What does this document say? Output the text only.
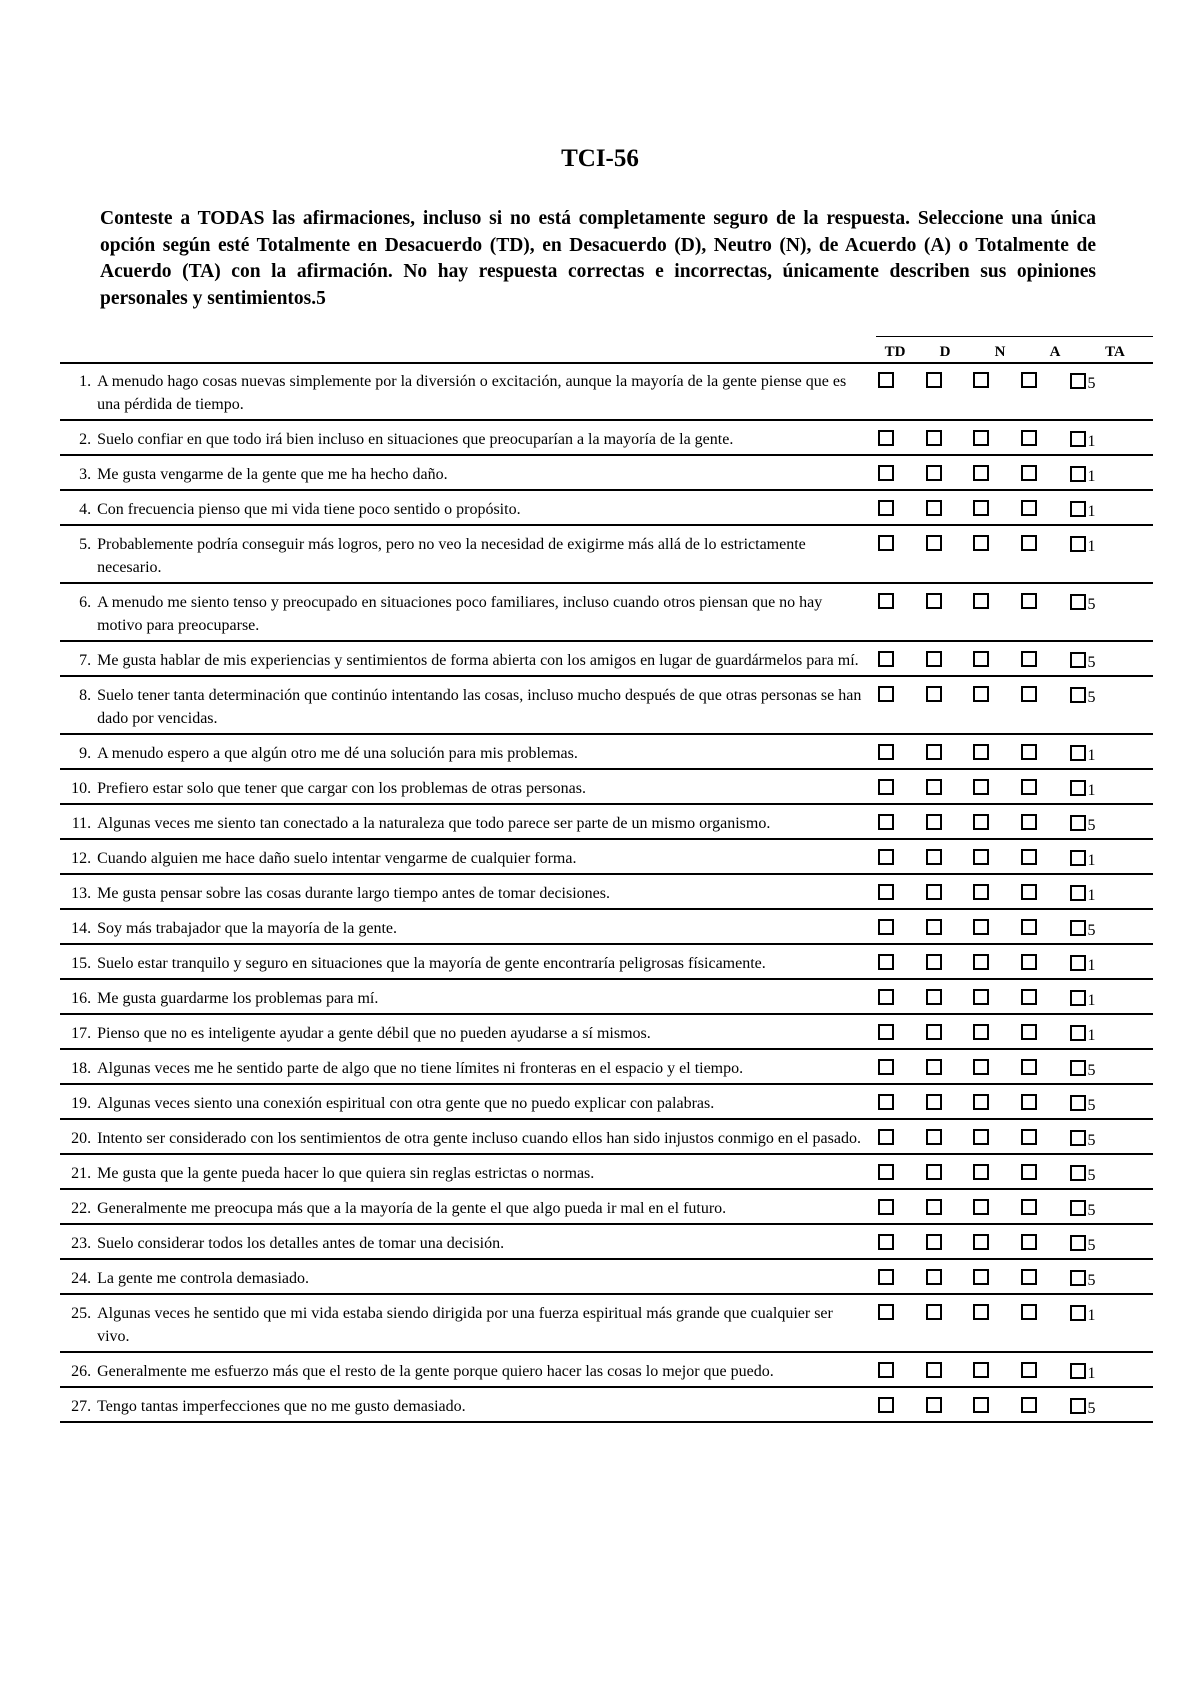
TCI-56
Conteste a TODAS las afirmaciones, incluso si no está completamente seguro de la respuesta. Seleccione una única opción según esté Totalmente en Desacuerdo (TD), en Desacuerdo (D), Neutro (N), de Acuerdo (A) o Totalmente de Acuerdo (TA) con la afirmación. No hay respuesta correctas e incorrectas, únicamente describen sus opiniones personales y sentimientos.5
TD	D	N	A	TA
1.	A menudo hago cosas nuevas simplemente por la diversión o excitación, aunque la mayoría de la gente piense que es una pérdida de tiempo.					5
2.	Suelo confiar en que todo irá bien incluso en situaciones que preocuparían a la mayoría de la gente.					1
3.	Me gusta vengarme de la gente que me ha hecho daño.					1
4.	Con frecuencia pienso que mi vida tiene poco sentido o propósito.					1
5.	Probablemente podría conseguir más logros, pero no veo la necesidad de exigirme más allá de lo estrictamente necesario.					1
6.	A menudo me siento tenso y preocupado en situaciones poco familiares, incluso cuando otros piensan que no hay motivo para preocuparse.					5
7.	Me gusta hablar de mis experiencias y sentimientos de forma abierta con los amigos en lugar de guardármelos para mí.					5
8.	Suelo tener tanta determinación que continúo intentando las cosas, incluso mucho después de que otras personas se han dado por vencidas.					5
9.	A menudo espero a que algún otro me dé una solución para mis problemas.					1
10.	Prefiero estar solo que tener que cargar con los problemas de otras personas.					1
11.	Algunas veces me siento tan conectado a la naturaleza que todo parece ser parte de un mismo organismo.					5
12.	Cuando alguien me hace daño suelo intentar vengarme de cualquier forma.					1
13.	Me gusta pensar sobre las cosas durante largo tiempo antes de tomar decisiones.					1
14.	Soy más trabajador que la mayoría de la gente.					5
15.	Suelo estar tranquilo y seguro en situaciones que la mayoría de gente encontraría peligrosas físicamente.					1
16.	Me gusta guardarme los problemas para mí.					1
17.	Pienso que no es inteligente ayudar a gente débil que no pueden ayudarse a sí mismos.					1
18.	Algunas veces me he sentido parte de algo que no tiene límites ni fronteras en el espacio y el tiempo.					5
19.	Algunas veces siento una conexión espiritual con otra gente que no puedo explicar con palabras.					5
20.	Intento ser considerado con los sentimientos de otra gente incluso cuando ellos han sido injustos conmigo en el pasado.					5
21.	Me gusta que la gente pueda hacer lo que quiera sin reglas estrictas o normas.					5
22.	Generalmente me preocupa más que a la mayoría de la gente el que algo pueda ir mal en el futuro.					5
23.	Suelo considerar todos los detalles antes de tomar una decisión.					5
24.	La gente me controla demasiado.					5
25.	Algunas veces he sentido que mi vida estaba siendo dirigida por una fuerza espiritual más grande que cualquier ser vivo.					1
26.	Generalmente me esfuerzo más que el resto de la gente porque quiero hacer las cosas lo mejor que puedo.					1
27.	Tengo tantas imperfecciones que no me gusto demasiado.					5
